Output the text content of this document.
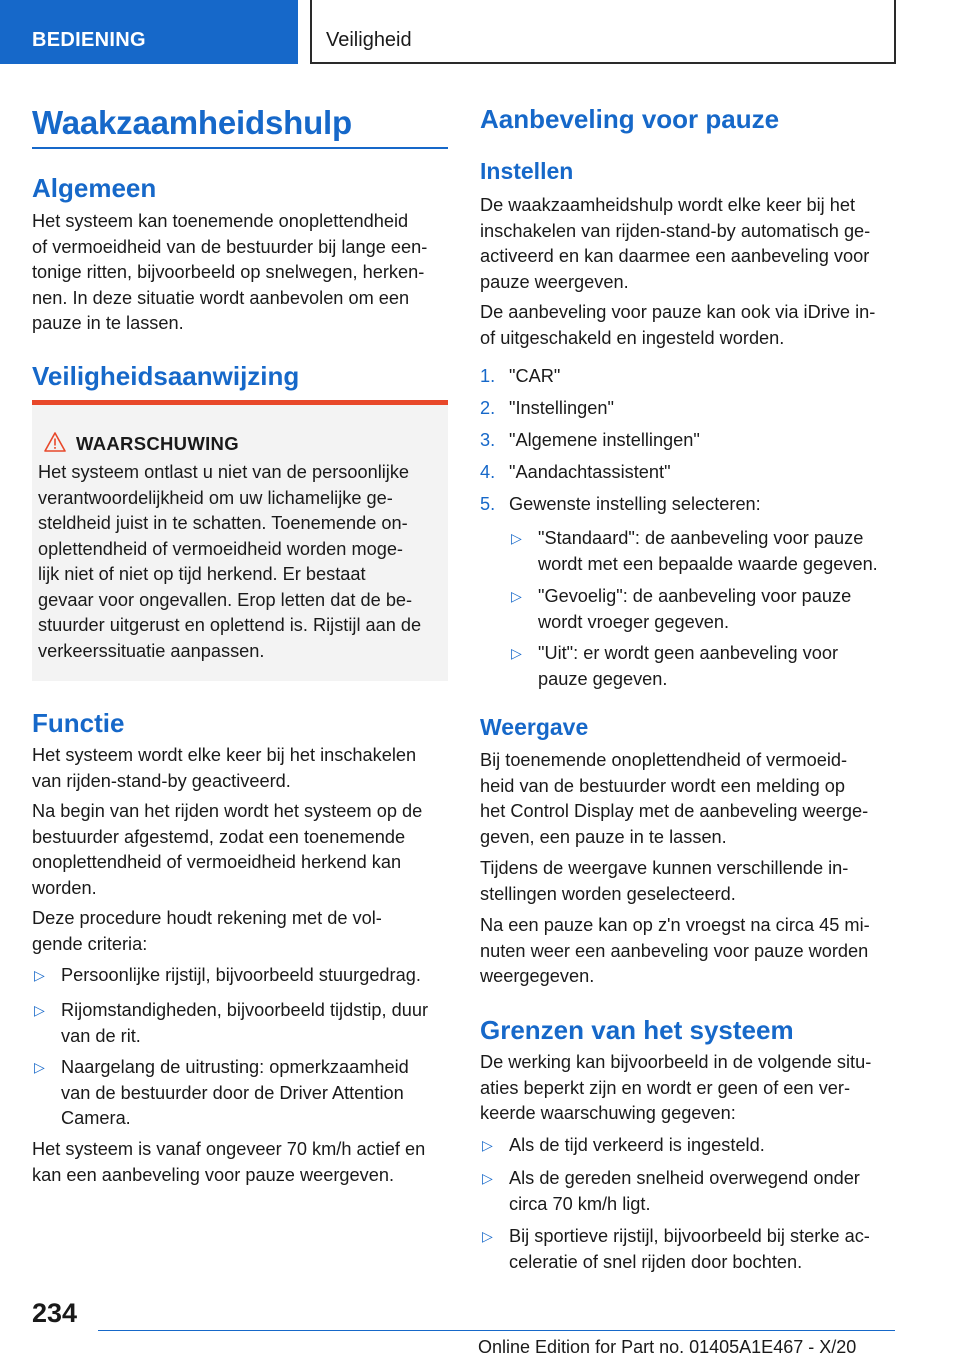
BEDIENING	Veiligheid
Waakzaamheidshulp
Algemeen
Het systeem kan toenemende onoplettendheid
of vermoeidheid van de bestuurder bij lange een‐
tonige ritten, bijvoorbeeld op snelwegen, herken‐
nen. In deze situatie wordt aanbevolen om een
pauze in te lassen.
Veiligheidsaanwijzing
WAARSCHUWING
Het systeem ontlast u niet van de persoonlijke
verantwoordelijkheid om uw lichamelijke ge‐
steldheid juist in te schatten. Toenemende on‐
oplettendheid of vermoeidheid worden moge‐
lijk niet of niet op tijd herkend. Er bestaat
gevaar voor ongevallen. Erop letten dat de be‐
stuurder uitgerust en oplettend is. Rijstijl aan de
verkeerssituatie aanpassen.
Functie
Het systeem wordt elke keer bij het inschakelen
van rijden-stand-by geactiveerd.
Na begin van het rijden wordt het systeem op de
bestuurder afgestemd, zodat een toenemende
onoplettendheid of vermoeidheid herkend kan
worden.
Deze procedure houdt rekening met de vol‐
gende criteria:
▷ Persoonlijke rijstijl, bijvoorbeeld stuurgedrag.
▷ Rijomstandigheden, bijvoorbeeld tijdstip, duur
van de rit.
▷ Naargelang de uitrusting: opmerkzaamheid
van de bestuurder door de Driver Attention
Camera.
Het systeem is vanaf ongeveer 70 km/h actief en
kan een aanbeveling voor pauze weergeven.
Aanbeveling voor pauze
Instellen
De waakzaamheidshulp wordt elke keer bij het
inschakelen van rijden-stand-by automatisch ge‐
activeerd en kan daarmee een aanbeveling voor
pauze weergeven.
De aanbeveling voor pauze kan ook via iDrive in-
of uitgeschakeld en ingesteld worden.
1. "CAR"
2. "Instellingen"
3. "Algemene instellingen"
4. "Aandachtassistent"
5. Gewenste instelling selecteren:
▷ "Standaard": de aanbeveling voor pauze
wordt met een bepaalde waarde gegeven.
▷ "Gevoelig": de aanbeveling voor pauze
wordt vroeger gegeven.
▷ "Uit": er wordt geen aanbeveling voor
pauze gegeven.
Weergave
Bij toenemende onoplettendheid of vermoeid‐
heid van de bestuurder wordt een melding op
het Control Display met de aanbeveling weerge‐
geven, een pauze in te lassen.
Tijdens de weergave kunnen verschillende in‐
stellingen worden geselecteerd.
Na een pauze kan op z'n vroegst na circa 45 mi‐
nuten weer een aanbeveling voor pauze worden
weergegeven.
Grenzen van het systeem
De werking kan bijvoorbeeld in de volgende situ‐
aties beperkt zijn en wordt er geen of een ver‐
keerde waarschuwing gegeven:
▷ Als de tijd verkeerd is ingesteld.
▷ Als de gereden snelheid overwegend onder
circa 70 km/h ligt.
▷ Bij sportieve rijstijl, bijvoorbeeld bij sterke ac‐
celeratie of snel rijden door bochten.
234
Online Edition for Part no. 01405A1E467 - X/20
